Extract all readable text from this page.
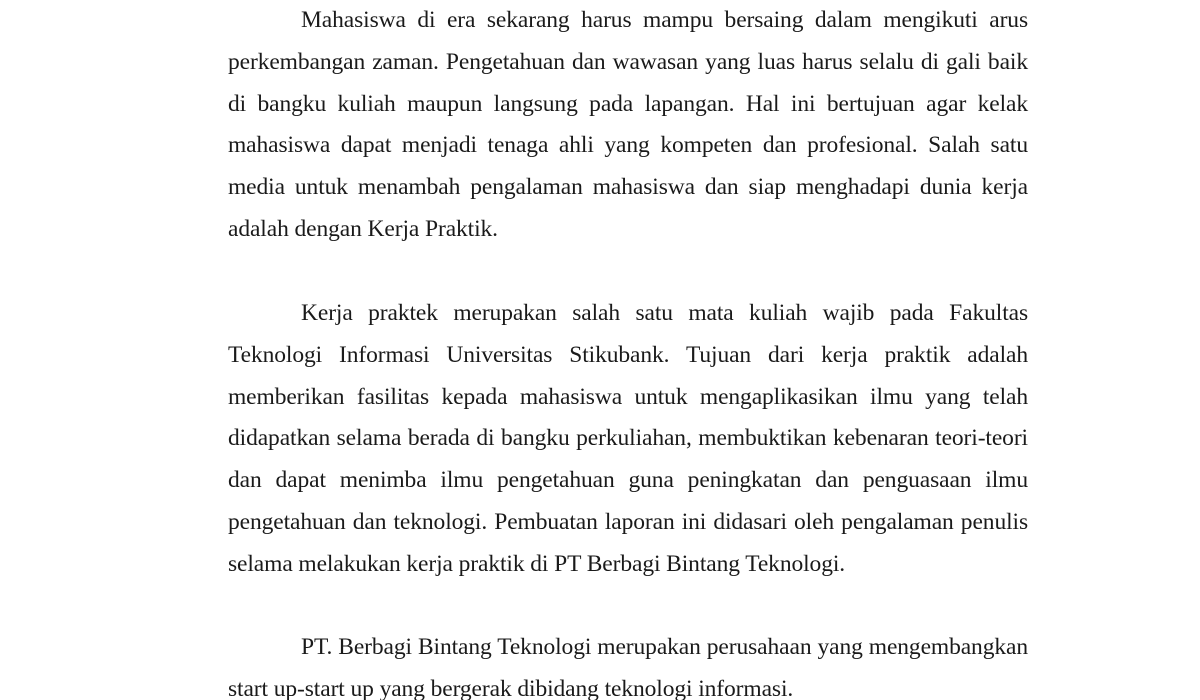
Mahasiswa di era sekarang harus mampu bersaing dalam mengikuti arus perkembangan zaman. Pengetahuan dan wawasan yang luas harus selalu di gali baik di bangku kuliah maupun langsung pada lapangan. Hal ini bertujuan agar kelak mahasiswa dapat menjadi tenaga ahli yang kompeten dan profesional. Salah satu media untuk menambah pengalaman mahasiswa dan siap menghadapi dunia kerja adalah dengan Kerja Praktik.

Kerja praktek merupakan salah satu mata kuliah wajib pada Fakultas Teknologi Informasi Universitas Stikubank. Tujuan dari kerja praktik adalah memberikan fasilitas kepada mahasiswa untuk mengaplikasikan ilmu yang telah didapatkan selama berada di bangku perkuliahan, membuktikan kebenaran teori-teori dan dapat menimba ilmu pengetahuan guna peningkatan dan penguasaan ilmu pengetahuan dan teknologi. Pembuatan laporan ini didasari oleh pengalaman penulis selama melakukan kerja praktik di PT Berbagi Bintang Teknologi.

PT. Berbagi Bintang Teknologi merupakan perusahaan yang mengembangkan start up-start up yang bergerak dibidang teknologi informasi.
